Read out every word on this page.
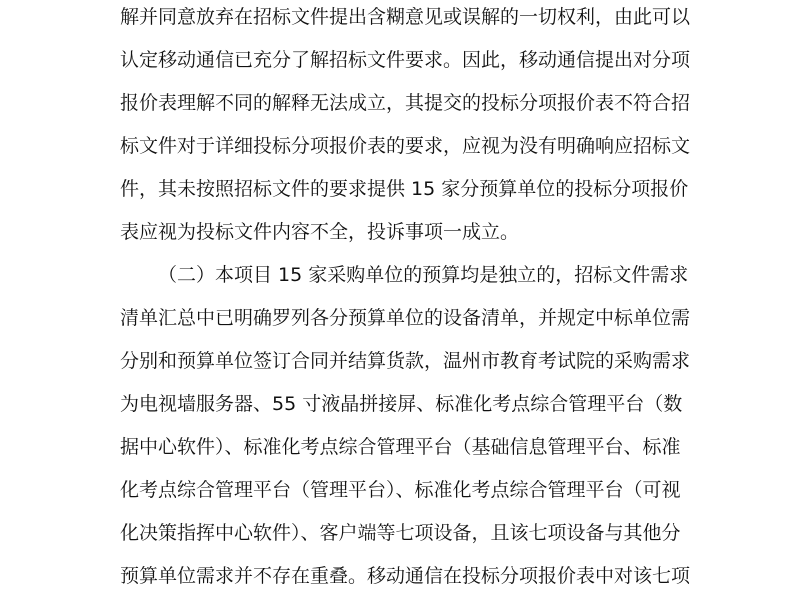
解并同意放弃在招标文件提出含糊意见或误解的一切权利，由此可以
认定移动通信已充分了解招标文件要求。因此，移动通信提出对分项
报价表理解不同的解释无法成立，其提交的投标分项报价表不符合招
标文件对于详细投标分项报价表的要求，应视为没有明确响应招标文
件，其未按照招标文件的要求提供 15 家分预算单位的投标分项报价
表应视为投标文件内容不全，投诉事项一成立。
（二）本项目 15 家采购单位的预算均是独立的，招标文件需求
清单汇总中已明确罗列各分预算单位的设备清单，并规定中标单位需
分别和预算单位签订合同并结算货款，温州市教育考试院的采购需求
为电视墙服务器、55 寸液晶拼接屏、标准化考点综合管理平台（数
据中心软件）、标准化考点综合管理平台（基础信息管理平台、标准
化考点综合管理平台（管理平台）、标准化考点综合管理平台（可视
化决策指挥中心软件）、客户端等七项设备，且该七项设备与其他分
预算单位需求并不存在重叠。移动通信在投标分项报价表中对该七项
